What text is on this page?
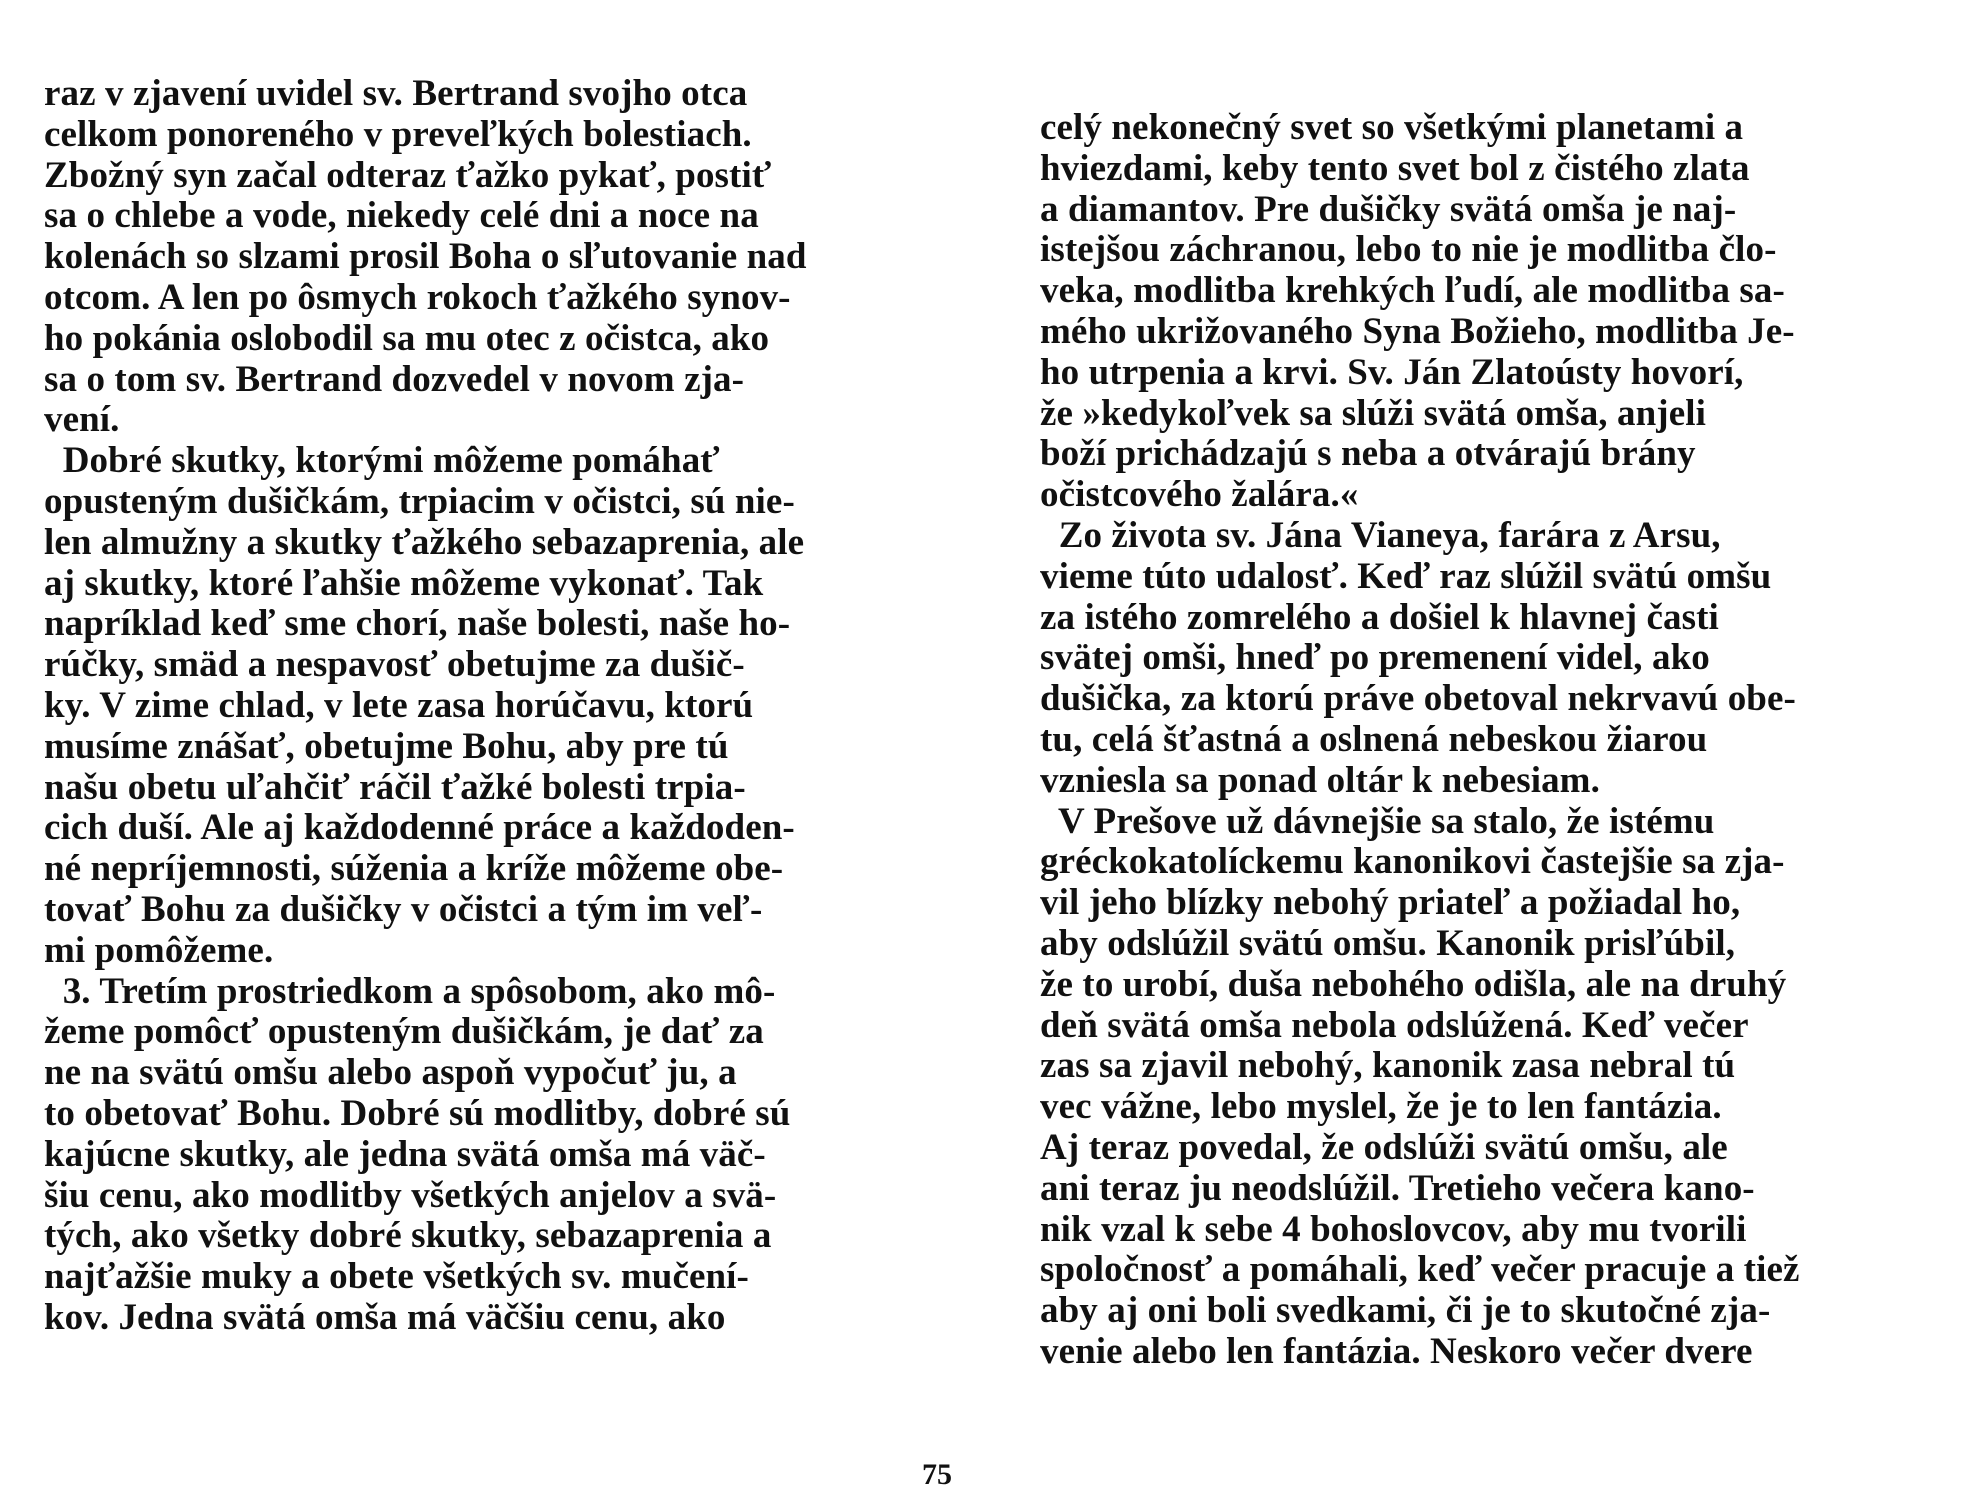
raz v zjavení uvidel sv. Bertrand svojho otca
celkom ponoreného v preveľkých bolestiach.
Zbožný syn začal odteraz ťažko pykať, postiť
sa o chlebe a vode, niekedy celé dni a noce na
kolenách so slzami prosil Boha o sľutovanie nad
otcom. A len po ôsmych rokoch ťažkého synov-
ho pokánia oslobodil sa mu otec z očistca, ako
sa o tom sv. Bertrand dozvedel v novom zja-
vení.
Dobré skutky, ktorými môžeme pomáhať
opusteným dušičkám, trpiacim v očistci, sú nie-
len almužny a skutky ťažkého sebazaprenia, ale
aj skutky, ktoré ľahšie môžeme vykonať. Tak
napríklad keď sme chorí, naše bolesti, naše ho-
rúčky, smäd a nespavosť obetujme za dušič-
ky. V zime chlad, v lete zasa horúčavu, ktorú
musíme znášať, obetujme Bohu, aby pre tú
našu obetu uľahčiť ráčil ťažké bolesti trpia-
cich duší. Ale aj každodenné práce a každoden-
né nepríjemnosti, súženia a kríže môžeme obe-
tovať Bohu za dušičky v očistci a tým im veľ-
mi pomôžeme.
3. Tretím prostriedkom a spôsobom, ako mô-
žeme pomôcť opusteným dušičkám, je dať za
ne na svätú omšu alebo aspoň vypočuť ju, a
to obetovať Bohu. Dobré sú modlitby, dobré sú
kajúcne skutky, ale jedna svätá omša má väč-
šiu cenu, ako modlitby všetkých anjelov a svä-
tých, ako všetky dobré skutky, sebazaprenia a
najťažšie muky a obete všetkých sv. mučení-
kov. Jedna svätá omša má väčšiu cenu, ako
celý nekonečný svet so všetkými planetami a
hviezdami, keby tento svet bol z čistého zlata
a diamantov. Pre dušičky svätá omša je naj-
istejšou záchranou, lebo to nie je modlitba člo-
veka, modlitba krehkých ľudí, ale modlitba sa-
mého ukrižovaného Syna Božieho, modlitba Je-
ho utrpenia a krvi. Sv. Ján Zlatoústy hovorí,
že »kedykoľvek sa slúži svätá omša, anjeli
boží prichádzajú s neba a otvárajú brány
očistcového žalára.«
Zo života sv. Jána Vianeya, farára z Arsu,
vieme túto udalosť. Keď raz slúžil svätú omšu
za istého zomrelého a došiel k hlavnej časti
svätej omši, hneď po premenení videl, ako
dušička, za ktorú práve obetoval nekrvavú obe-
tu, celá šťastná a oslnená nebeskou žiarou
vzniesla sa ponad oltár k nebesiam.
V Prešove už dávnejšie sa stalo, že istému
gréckokatolíckemu kanonikovi častejšie sa zja-
vil jeho blízky nebohý priateľ a požiadal ho,
aby odslúžil svätú omšu. Kanonik prisľúbil,
že to urobí, duša nebohého odišla, ale na druhý
deň svätá omša nebola odslúžená. Keď večer
zas sa zjavil nebohý, kanonik zasa nebral tú
vec vážne, lebo myslel, že je to len fantázia.
Aj teraz povedal, že odslúži svätú omšu, ale
ani teraz ju neodslúžil. Tretieho večera kano-
nik vzal k sebe 4 bohoslovcov, aby mu tvorili
spoločnosť a pomáhali, keď večer pracuje a tiež
aby aj oni boli svedkami, či je to skutočné zja-
venie alebo len fantázia. Neskoro večer dvere
75
